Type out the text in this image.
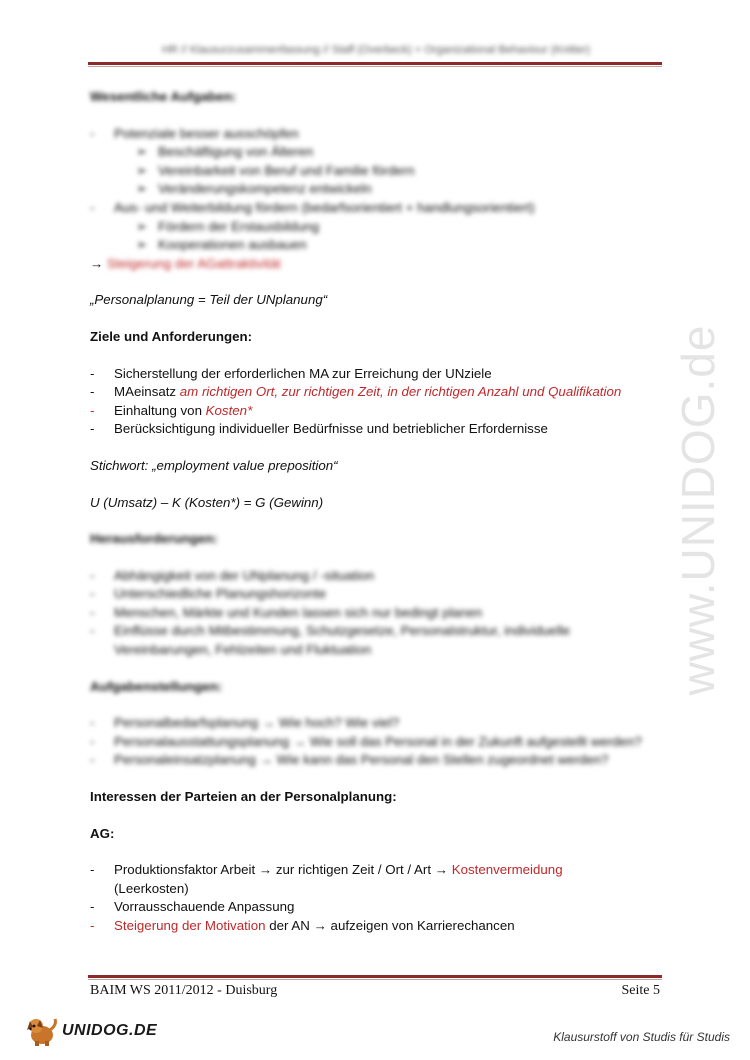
HR // Klausurzusammenfassung // Staff (Overbeck) + Organizational Behaviour (Knitter)

Wesentliche Aufgaben:

- Potenziale besser ausschöpfen

➢ Beschäftigung von Älteren

➢ Vereinbarkeit von Beruf und Familie fördern

➢ Veränderungskompetenz entwickeln

- Aus- und Weiterbildung fördern (bedarfsorientiert + handlungsorientiert)

➢ Fördern der Erstausbildung

➢ Kooperationen ausbauen

→ Steigerung der AGattraktivität

„Personalplanung = Teil der UNplanung“

Ziele und Anforderungen:

- Sicherstellung der erforderlichen MA zur Erreichung der UNziele

- MAeinsatz am richtigen Ort, zur richtigen Zeit, in der richtigen Anzahl und Qualifikation

- Einhaltung von Kosten*

- Berücksichtigung individueller Bedürfnisse und betrieblicher Erfordernisse

Stichwort: „employment value preposition“

U (Umsatz) – K (Kosten*) = G (Gewinn)

Herausforderungen:

- Abhängigkeit von der UNplanung / -situation

- Unterschiedliche Planungshorizonte

- Menschen, Märkte und Kunden lassen sich nur bedingt planen

- Einflüsse durch Mitbestimmung, Schutzgesetze, Personalstruktur, individuelle

Vereinbarungen, Fehlzeiten und Fluktuation

Aufgabenstellungen:

- Personalbedarfsplanung → Wie hoch? Wie viel?

- Personalausstattungsplanung → Wie soll das Personal in der Zukunft aufgestellt werden?

- Personaleinsatzplanung → Wie kann das Personal den Stellen zugeordnet werden?

Interessen der Parteien an der Personalplanung:

AG:

- Produktionsfaktor Arbeit → zur richtigen Zeit / Ort / Art → Kostenvermeidung

(Leerkosten)

- Vorrausschauende Anpassung

- Steigerung der Motivation der AN → aufzeigen von Karrierechancen

www.UNIDOG.de
BAIM WS 2011/2012 - Duisburg	Seite 5
UNIDOG.DE	Klausurstoff von Studis für Studis
